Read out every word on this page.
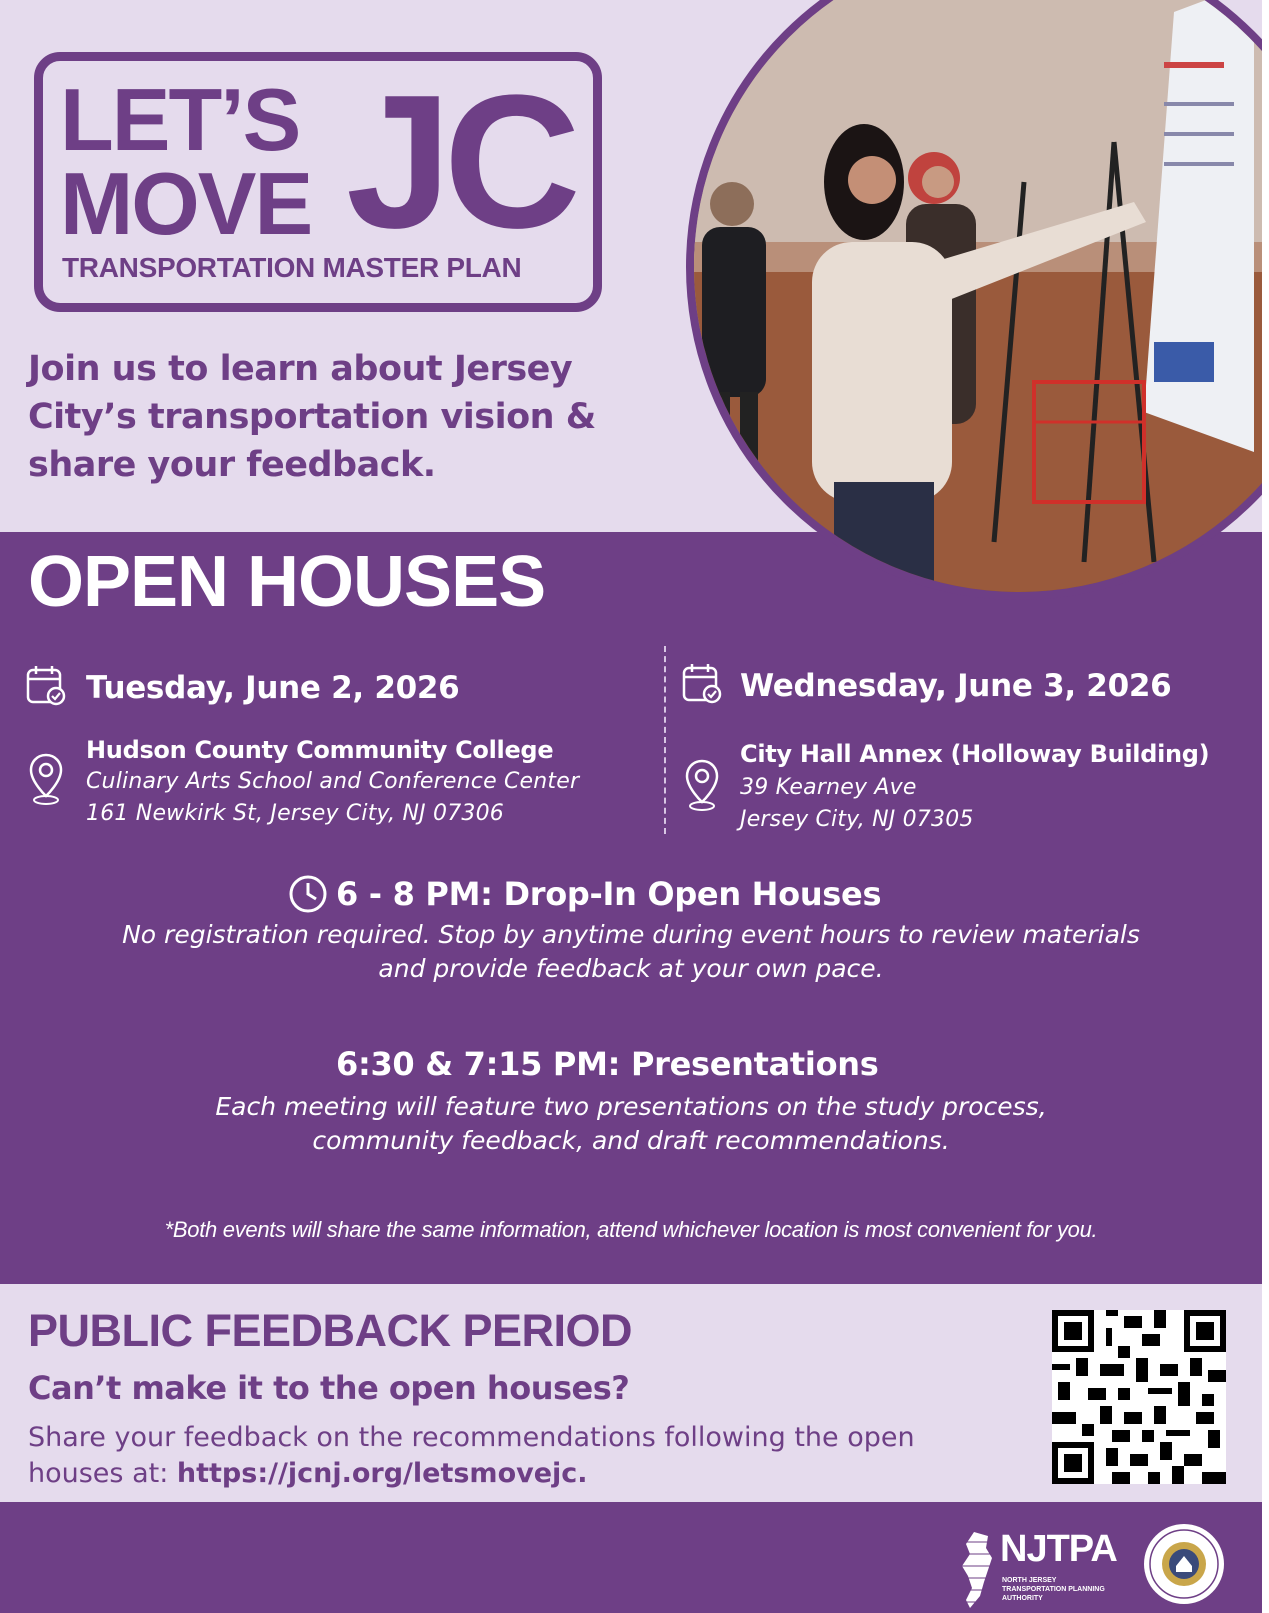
LET’S
MOVE JC
TRANSPORTATION MASTER PLAN
Join us to learn about Jersey City’s transportation vision & share your feedback.
OPEN HOUSES
Tuesday, June 2, 2026
Hudson County Community College
Culinary Arts School and Conference Center
161 Newkirk St, Jersey City, NJ 07306
Wednesday, June 3, 2026
City Hall Annex (Holloway Building)
39 Kearney Ave
Jersey City, NJ 07305
6 - 8 PM: Drop-In Open Houses
No registration required. Stop by anytime during event hours to review materials
and provide feedback at your own pace.
6:30 & 7:15 PM: Presentations
Each meeting will feature two presentations on the study process,
community feedback, and draft recommendations.
*Both events will share the same information, attend whichever location is most convenient for you.
PUBLIC FEEDBACK PERIOD
Can’t make it to the open houses?
Share your feedback on the recommendations following the open
houses at: https://jcnj.org/letsmovejc.
NJTPA
NORTH JERSEY TRANSPORTATION PLANNING AUTHORITY
